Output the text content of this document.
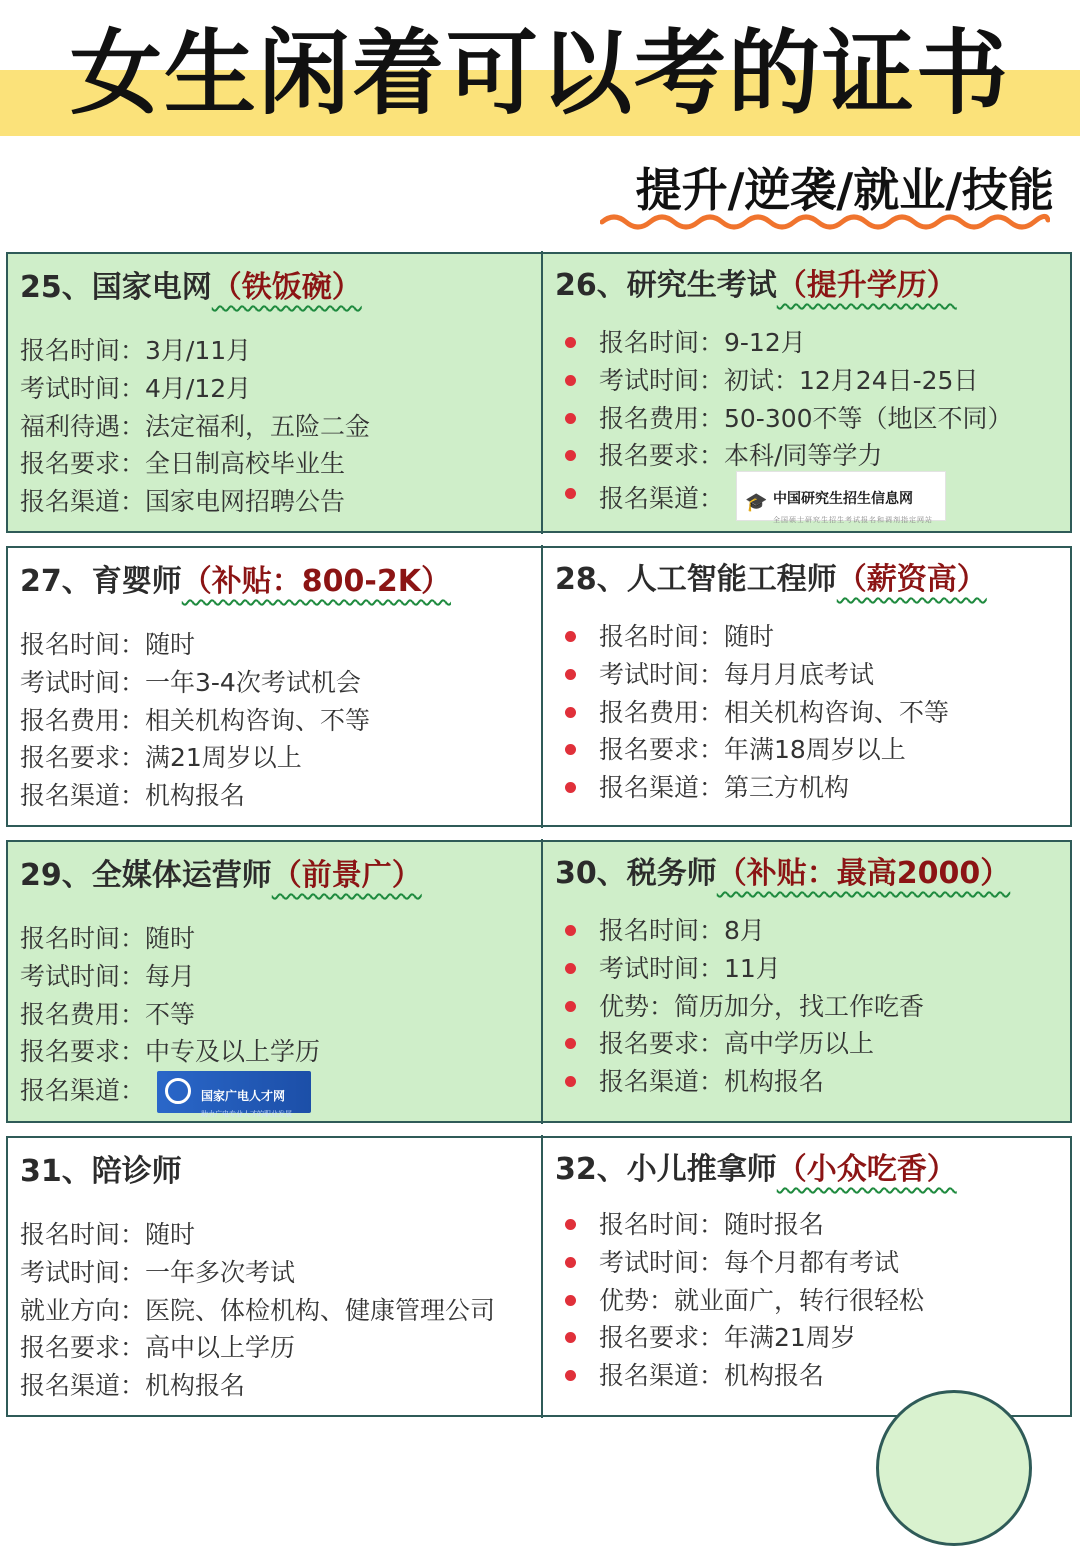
女生闲着可以考的证书
提升/逆袭/就业/技能
25、国家电网（铁饭碗）
报名时间：3月/11月
考试时间：4月/12月
福利待遇：法定福利，五险二金
报名要求：全日制高校毕业生
报名渠道：国家电网招聘公告
26、研究生考试（提升学历）
报名时间：9-12月
考试时间：初试：12月24日-25日
报名费用：50-300不等（地区不同）
报名要求：本科/同等学力
报名渠道： 🎓 中国研究生招生信息网
全国硕士研究生招生考试报名和调剂指定网站
27、育婴师（补贴：800-2K）
报名时间：随时
考试时间：一年3-4次考试机会
报名费用：相关机构咨询、不等
报名要求：满21周岁以上
报名渠道：机构报名
28、人工智能工程师（薪资高）
报名时间：随时
考试时间：每月月底考试
报名费用：相关机构咨询、不等
报名要求：年满18周岁以上
报名渠道：第三方机构
29、全媒体运营师（前景广）
报名时间：随时
考试时间：每月
报名费用：不等
报名要求：中专及以上学历
报名渠道：	国家广电人才网
助力广电专业人才的职业发展
30、税务师（补贴：最高2000）
报名时间：8月
考试时间：11月
优势：简历加分，找工作吃香
报名要求：高中学历以上
报名渠道：机构报名
31、陪诊师
报名时间：随时
考试时间：一年多次考试
就业方向：医院、体检机构、健康管理公司
报名要求：高中以上学历
报名渠道：机构报名
32、小儿推拿师（小众吃香）
报名时间：随时报名
考试时间：每个月都有考试
优势：就业面广，转行很轻松
报名要求：年满21周岁
报名渠道：机构报名
